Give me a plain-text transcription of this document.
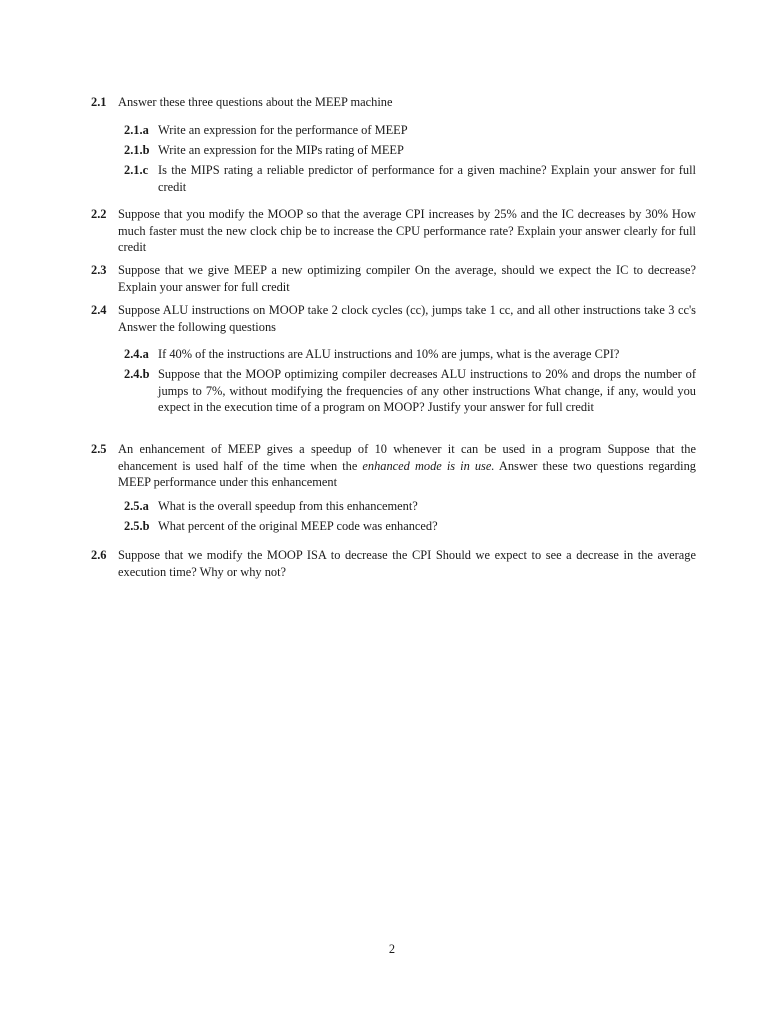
2.1 Answer these three questions about the MEEP machine
2.1.a Write an expression for the performance of MEEP
2.1.b Write an expression for the MIPs rating of MEEP
2.1.c Is the MIPS rating a reliable predictor of performance for a given machine? Explain your answer for full credit
2.2 Suppose that you modify the MOOP so that the average CPI increases by 25% and the IC decreases by 30% How much faster must the new clock chip be to increase the CPU performance rate? Explain your answer clearly for full credit
2.3 Suppose that we give MEEP a new optimizing compiler On the average, should we expect the IC to decrease? Explain your answer for full credit
2.4 Suppose ALU instructions on MOOP take 2 clock cycles (cc), jumps take 1 cc, and all other instructions take 3 cc's Answer the following questions
2.4.a If 40% of the instructions are ALU instructions and 10% are jumps, what is the average CPI?
2.4.b Suppose that the MOOP optimizing compiler decreases ALU instructions to 20% and drops the number of jumps to 7%, without modifying the frequencies of any other instructions What change, if any, would you expect in the execution time of a program on MOOP? Justify your answer for full credit
2.5 An enhancement of MEEP gives a speedup of 10 whenever it can be used in a program Suppose that the ehancement is used half of the time when the enhanced mode is in use. Answer these two questions regarding MEEP performance under this enhancement
2.5.a What is the overall speedup from this enhancement?
2.5.b What percent of the original MEEP code was enhanced?
2.6 Suppose that we modify the MOOP ISA to decrease the CPI Should we expect to see a decrease in the average execution time? Why or why not?
2
